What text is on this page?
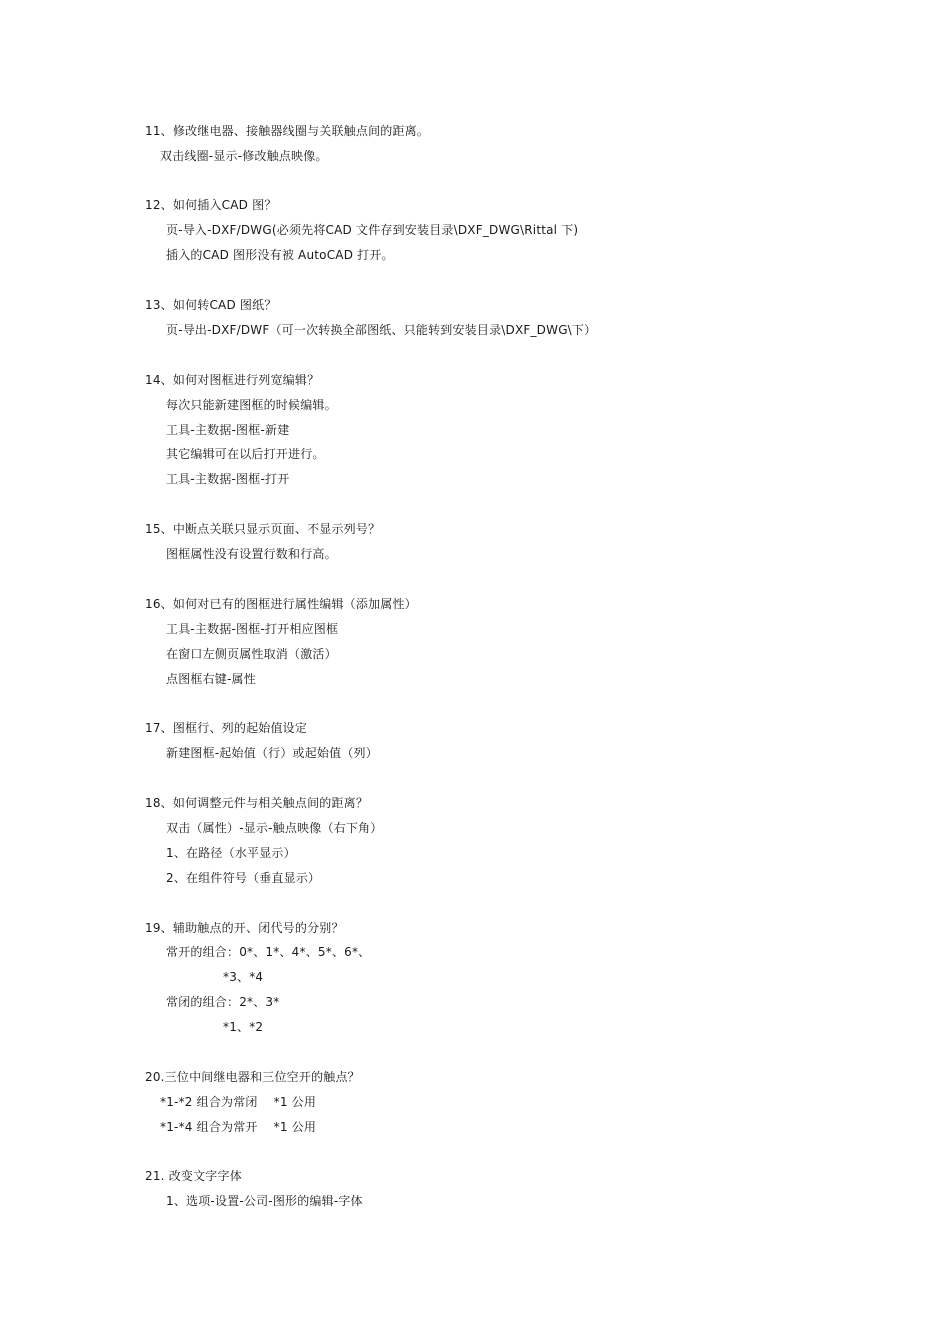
11、修改继电器、接触器线圈与关联触点间的距离。
双击线圈-显示-修改触点映像。
12、如何插入CAD 图？
页-导入-DXF/DWG(必须先将CAD 文件存到安装目录\DXF_DWG\Rittal 下)
插入的CAD 图形没有被 AutoCAD 打开。
13、如何转CAD 图纸？
页-导出-DXF/DWF（可一次转换全部图纸、只能转到安装目录\DXF_DWG\下）
14、如何对图框进行列宽编辑？
每次只能新建图框的时候编辑。
工具-主数据-图框-新建
其它编辑可在以后打开进行。
工具-主数据-图框-打开
15、中断点关联只显示页面、不显示列号？
图框属性没有设置行数和行高。
16、如何对已有的图框进行属性编辑（添加属性）
工具-主数据-图框-打开相应图框
在窗口左侧页属性取消（激活）
点图框右键-属性
17、图框行、列的起始值设定
新建图框-起始值（行）或起始值（列）
18、如何调整元件与相关触点间的距离？
双击（属性）-显示-触点映像（右下角）
1、在路径（水平显示）
2、在组件符号（垂直显示）
19、辅助触点的开、闭代号的分别？
常开的组合：0*、1*、4*、5*、6*、
*3、*4
常闭的组合：2*、3*
*1、*2
20.三位中间继电器和三位空开的触点？
*1-*2 组合为常闭    *1 公用
*1-*4 组合为常开    *1 公用
21. 改变文字字体
1、选项-设置-公司-图形的编辑-字体
